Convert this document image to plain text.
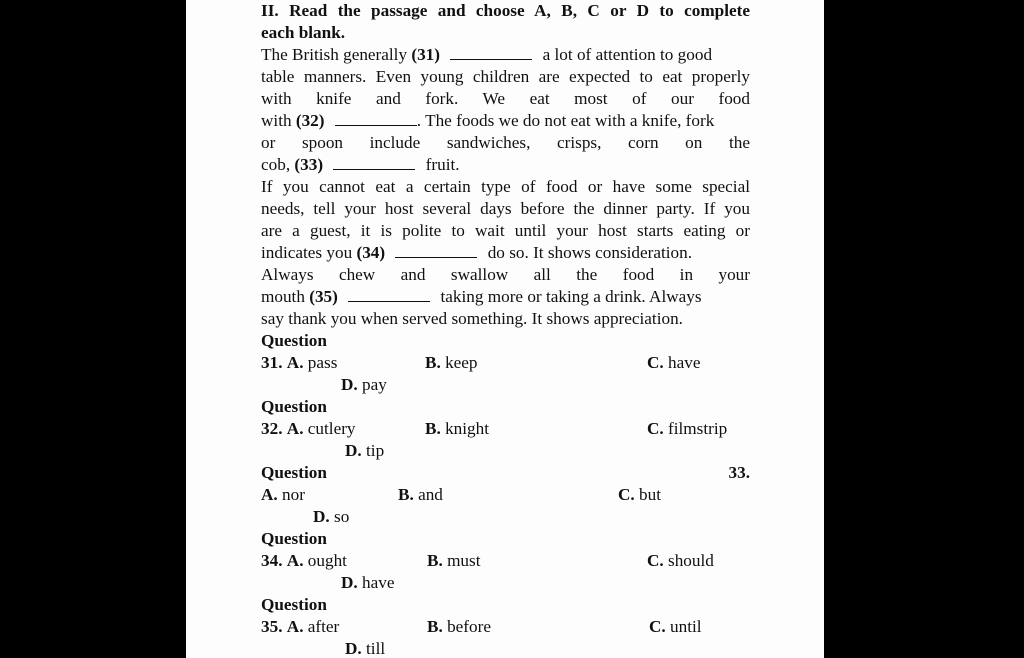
II. Read the passage and choose A, B, C or D to complete
each blank.
The British generally (31)	a lot of attention to good
table manners. Even young children are expected to eat properly
with knife and fork. We eat most of our food
with (32)	. The foods we do not eat with a knife, fork
or spoon include sandwiches, crisps, corn on the
cob, (33)	fruit.
If you cannot eat a certain type of food or have some special
needs, tell your host several days before the dinner party. If you
are a guest, it is polite to wait until your host starts eating or
indicates you (34)	do so. It shows consideration.
Always chew and swallow all the food in your
mouth (35)	taking more or taking a drink. Always
say thank you when served something. It shows appreciation.
Question
31. A. pass	B. keep	C. have
D. pay
Question
32. A. cutlery	B. knight	C. filmstrip
D. tip
Question	33.
A. nor	B. and	C. but
D. so
Question
34. A. ought	B. must	C. should
D. have
Question
35. A. after	B. before	C. until
D. till
